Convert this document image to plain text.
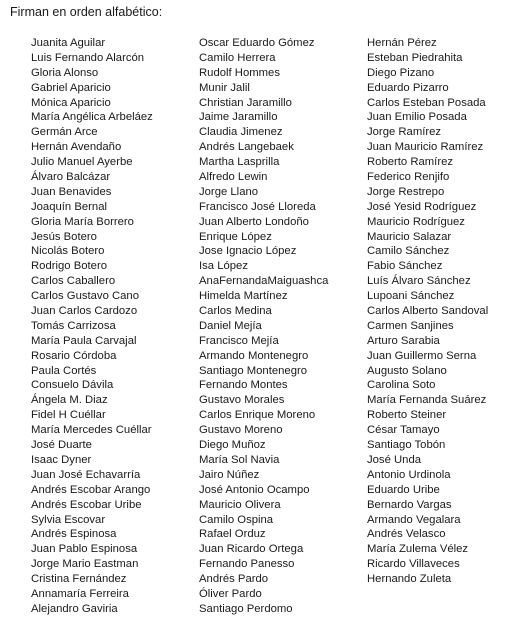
Firman en orden alfabético:
Juanita Aguilar
Luis Fernando Alarcón
Gloria Alonso
Gabriel Aparicio
Mónica Aparicio
María Angélica Arbeláez
Germán Arce
Hernán Avendaño
Julio Manuel Ayerbe
Álvaro Balcázar
Juan Benavides
Joaquín Bernal
Gloria María Borrero
Jesús Botero
Nicolás Botero
Rodrigo Botero
Carlos Caballero
Carlos Gustavo Cano
Juan Carlos Cardozo
Tomás Carrizosa
María Paula Carvajal
Rosario Córdoba
Paula Cortés
Consuelo Dávila
Ángela M. Diaz
Fidel H Cuéllar
María Mercedes Cuéllar
José Duarte
Isaac Dyner
Juan José Echavarría
Andrés Escobar Arango
Andrés Escobar Uribe
Sylvia Escovar
Andrés Espinosa
Juan Pablo Espinosa
Jorge Mario Eastman
Cristina Fernández
Annamaría Ferreira
Alejandro Gaviria
Oscar Eduardo Gómez
Camilo Herrera
Rudolf Hommes
Munir Jalil
Christian Jaramillo
Jaime Jaramillo
Claudia Jimenez
Andrés Langebaek
Martha Lasprilla
Alfredo Lewin
Jorge Llano
Francisco José Lloreda
Juan Alberto Londoño
Enrique López
Jose Ignacio López
Isa López
AnaFernandaMaiguashca
Himelda Martínez
Carlos Medina
Daniel Mejía
Francisco Mejía
Armando Montenegro
Santiago Montenegro
Fernando Montes
Gustavo Morales
Carlos Enrique Moreno
Gustavo Moreno
Diego Muñoz
María Sol Navia
Jairo Núñez
José Antonio Ocampo
Mauricio Olivera
Camilo Ospina
Rafael Orduz
Juan Ricardo Ortega
Fernando Panesso
Andrés Pardo
Óliver Pardo
Santiago Perdomo
Hernán Pérez
Esteban Piedrahita
Diego Pizano
Eduardo Pizarro
Carlos Esteban Posada
Juan Emilio Posada
Jorge Ramírez
Juan Mauricio Ramírez
Roberto Ramírez
Federico Renjifo
Jorge Restrepo
José Yesid Rodríguez
Mauricio Rodríguez
Mauricio Salazar
Camilo Sánchez
Fabio Sánchez
Luís Álvaro Sánchez
Lupoani Sánchez
Carlos Alberto Sandoval
Carmen Sanjines
Arturo Sarabia
Juan Guillermo Serna
Augusto Solano
Carolina Soto
María Fernanda Suárez
Roberto Steiner
César Tamayo
Santiago Tobón
José Unda
Antonio Urdinola
Eduardo Uribe
Bernardo Vargas
Armando Vegalara
Andrés Velasco
María Zulema Vélez
Ricardo Villaveces
Hernando Zuleta
